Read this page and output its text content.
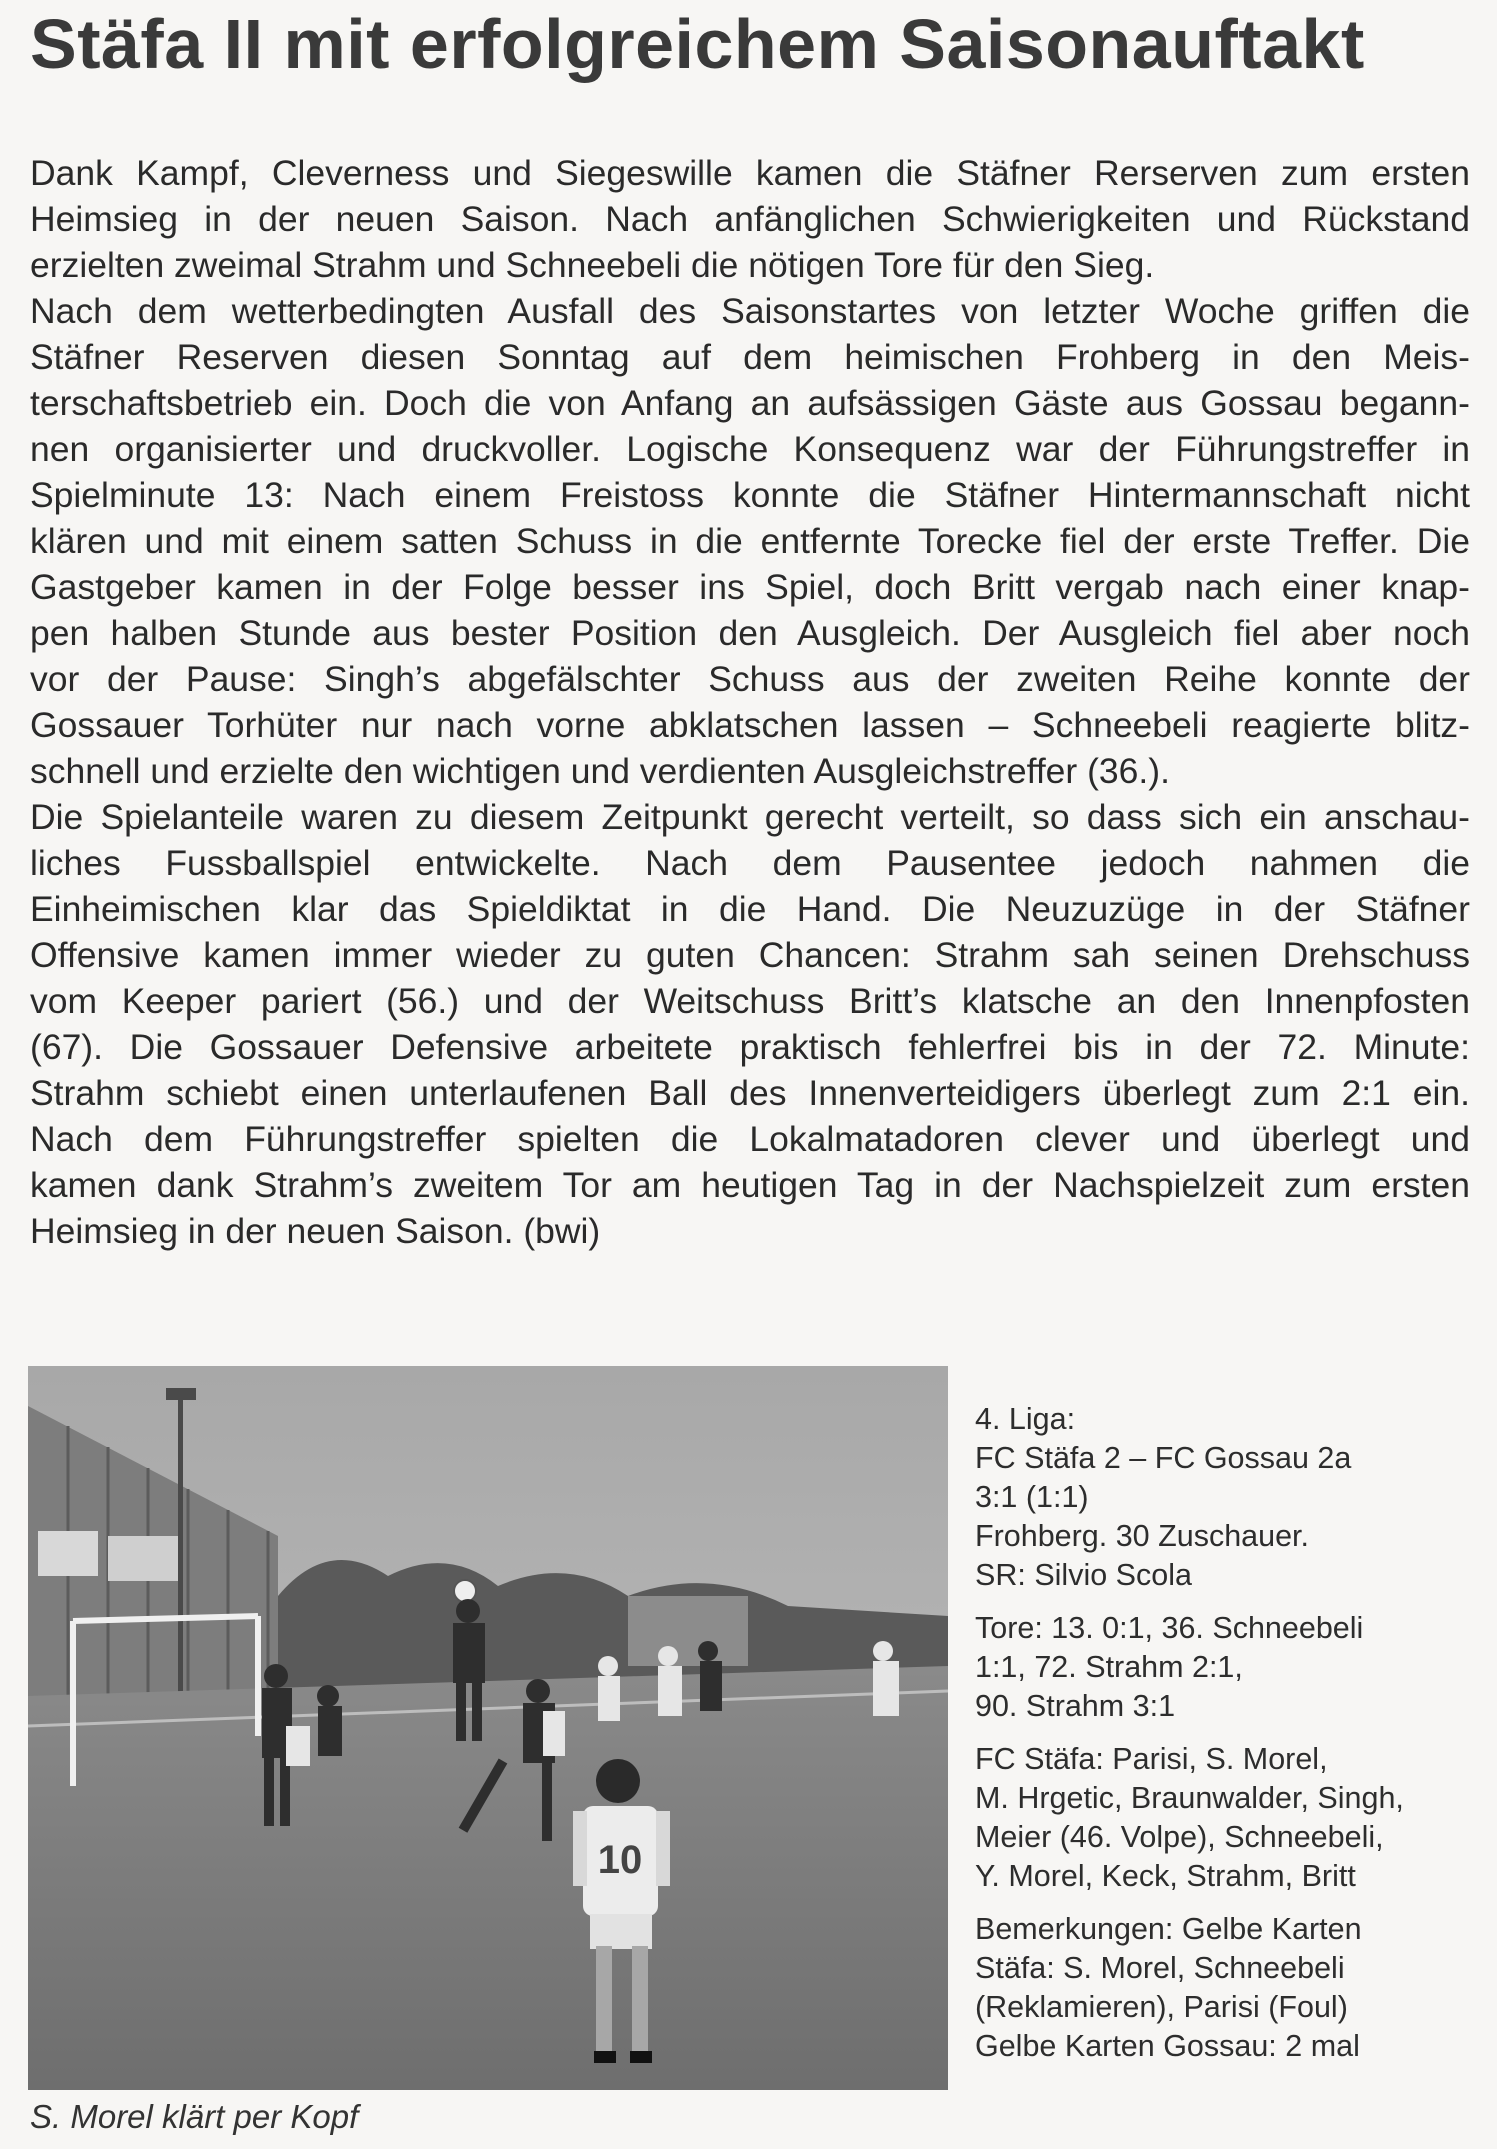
Stäfa II mit erfolgreichem Saisonauftakt
Dank Kampf, Cleverness und Siegeswille kamen die Stäfner Rerserven zum ersten
Heimsieg in der neuen Saison. Nach anfänglichen Schwierigkeiten und Rückstand
erzielten zweimal Strahm und Schneebeli die nötigen Tore für den Sieg.
Nach dem wetterbedingten Ausfall des Saisonstartes von letzter Woche griffen die
Stäfner Reserven diesen Sonntag auf dem heimischen Frohberg in den Meis-
terschaftsbetrieb ein. Doch die von Anfang an aufsässigen Gäste aus Gossau begann-
nen organisierter und druckvoller. Logische Konsequenz war der Führungstreffer in
Spielminute 13: Nach einem Freistoss konnte die Stäfner Hintermannschaft nicht
klären und mit einem satten Schuss in die entfernte Torecke fiel der erste Treffer. Die
Gastgeber kamen in der Folge besser ins Spiel, doch Britt vergab nach einer knap-
pen halben Stunde aus bester Position den Ausgleich. Der Ausgleich fiel aber noch
vor der Pause: Singh’s abgefälschter Schuss aus der zweiten Reihe konnte der
Gossauer Torhüter nur nach vorne abklatschen lassen – Schneebeli reagierte blitz-
schnell und erzielte den wichtigen und verdienten Ausgleichstreffer (36.).
Die Spielanteile waren zu diesem Zeitpunkt gerecht verteilt, so dass sich ein anschau-
liches Fussballspiel entwickelte. Nach dem Pausentee jedoch nahmen die
Einheimischen klar das Spieldiktat in die Hand. Die Neuzuzüge in der Stäfner
Offensive kamen immer wieder zu guten Chancen: Strahm sah seinen Drehschuss
vom Keeper pariert (56.) und der Weitschuss Britt’s klatsche an den Innenpfosten
(67). Die Gossauer Defensive arbeitete praktisch fehlerfrei bis in der 72. Minute:
Strahm schiebt einen unterlaufenen Ball des Innenverteidigers überlegt zum 2:1 ein.
Nach dem Führungstreffer spielten die Lokalmatadoren clever und überlegt und
kamen dank Strahm’s zweitem Tor am heutigen Tag in der Nachspielzeit zum ersten
Heimsieg in der neuen Saison. (bwi)
10
S. Morel klärt per Kopf
4. Liga:
FC Stäfa 2 – FC Gossau 2a
3:1 (1:1)
Frohberg. 30 Zuschauer.
SR: Silvio Scola
Tore: 13. 0:1, 36. Schneebeli
1:1, 72. Strahm 2:1,
90. Strahm 3:1
FC Stäfa: Parisi, S. Morel,
M. Hrgetic, Braunwalder, Singh,
Meier (46. Volpe), Schneebeli,
Y. Morel, Keck, Strahm, Britt
Bemerkungen: Gelbe Karten
Stäfa: S. Morel, Schneebeli
(Reklamieren), Parisi (Foul)
Gelbe Karten Gossau: 2 mal
